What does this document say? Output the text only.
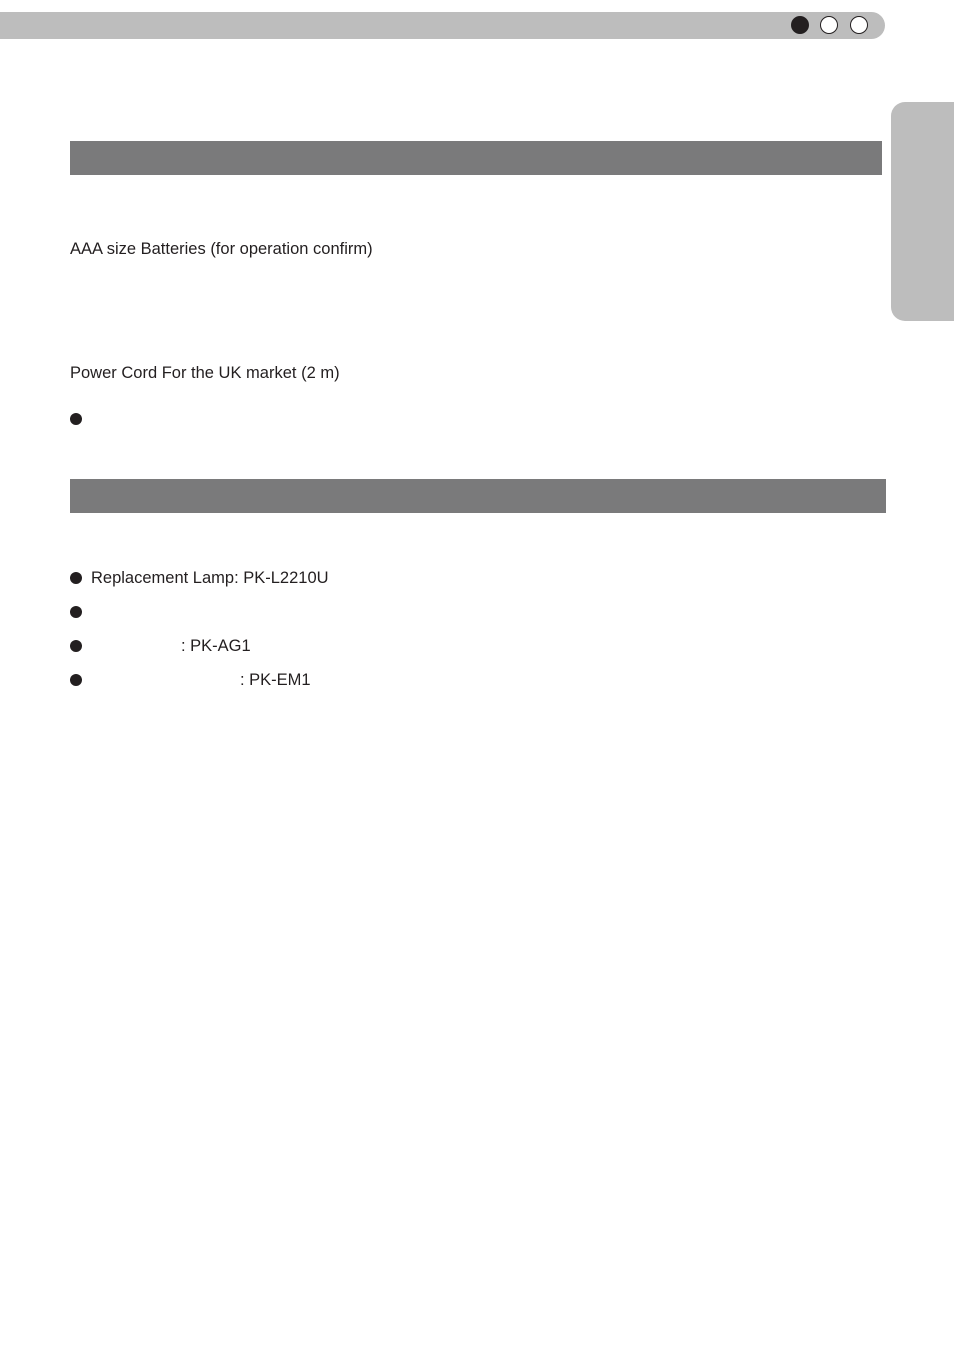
AAA size Batteries (for operation confirm)
Power Cord For the UK market (2 m)
Replacement Lamp: PK-L2210U
: PK-AG1
: PK-EM1
